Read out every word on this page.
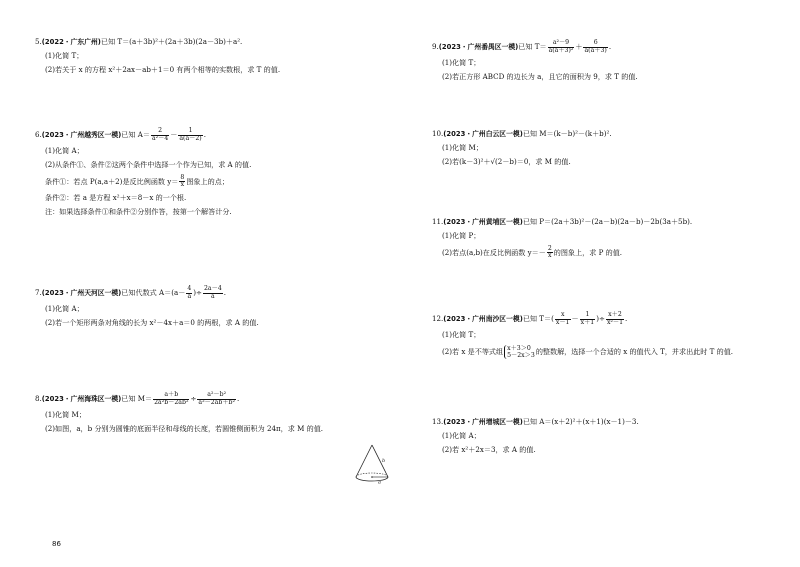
5.(2022・广东广州)已知 T＝(a＋3b)²＋(2a＋3b)(2a－3b)＋a².
(1)化简 T；
(2)若关于 x 的方程 x²＋2ax－ab＋1＝0 有两个相等的实数根，求 T 的值.
6.(2023・广州越秀区一模)已知 $A= \frac{2}{\text{a²－4}} - \frac{1}{a(a-2)}$ .
(1)化简 A；
(2)从条件①、条件②这两个条件中选择一个作为已知，求 A 的值.
条件①：若点 P(a,a＋2)是反比例函数 $y= \frac{8}{x}$ 图象上的点；
条件②：若 a 是方程 x²＋x＝8－x 的一个根.
注：如果选择条件①和条件②分别作答，按第一个解答计分.
7.(2023・广州天河区一模)已知代数式 $A=(a- \frac{4}{a}$ )÷ $\frac{2a-4}{a}$ .
(1)化简 A；
(2)若一个矩形两条对角线的长为 x²－4x＋a＝0 的两根，求 A 的值.
8.(2023・广州海珠区一模)已知 $M= \frac{a+b}{\text{2a²b－2ab²}} \div \frac{\text{a²－b²}}{\text{a²－2ab＋b²}}$ .
(1)化简 M；
(2)如图，a，b 分别为圆锥的底面半径和母线的长度，若圆锥侧面积为 24π，求 M 的值.
b
a
9.(2023・广州番禺区一模)已知 $T= \frac{\text{a²－9}}{\text{a(a＋3)²}} + \frac{6}{a(a+3)}$ .
(1)化简 T；
(2)若正方形 ABCD 的边长为 a，且它的面积为 9，求 T 的值.
10.(2023・广州白云区一模)已知 M＝(k－b)²－(k＋b)².
(1)化简 M；
(2)若(k－3)²＋√(2－b)＝0，求 M 的值.
11.(2023・广州黄埔区一模)已知 P＝(2a＋3b)²－(2a－b)(2a－b)－2b(3a＋5b).
(1)化简 P；
(2)若点(a,b)在反比例函数 $y=- \frac{2}{x}$ 的图象上，求 P 的值.
12.(2023・广州南沙区一模)已知 $T=( \frac{x}{x-1} - \frac{1}{x+1}$ )÷ $\frac{x+2}{\text{x²－1}}$ .
(1)化简 T；
(2)若 x 是不等式组 x＋3＞0
5－2x＞3 的整数解，选择一个合适的 x 的值代入 T，并求出此时 T 的值.
13.(2023・广州增城区一模)已知 A＝(x＋2)²＋(x＋1)(x－1)－3.
(1)化简 A；
(2)若 x²＋2x＝3，求 A 的值.
86
